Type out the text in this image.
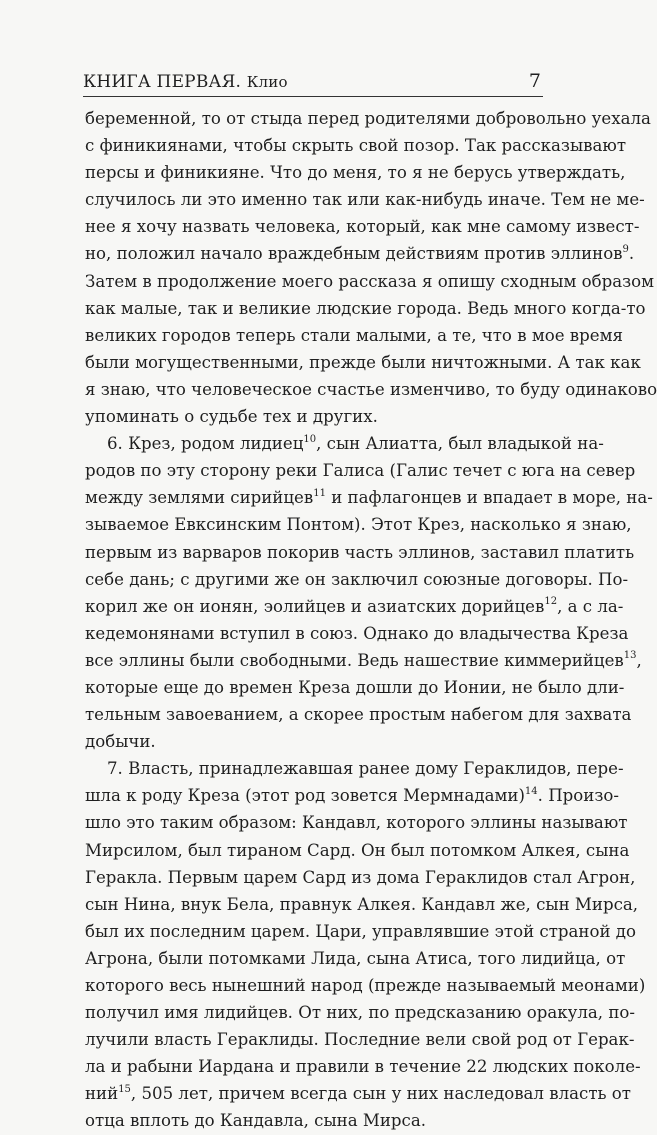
КНИГА ПЕРВАЯ. Клио	7
беременной, то от стыда перед родителями добровольно уехала
с финикиянами, чтобы скрыть свой позор. Так рассказывают
персы и финикияне. Что до меня, то я не берусь утверждать,
случилось ли это именно так или как-нибудь иначе. Тем не ме-
нее я хочу назвать человека, который, как мне самому извест-
но, положил начало враждебным действиям против эллинов$^9$.
Затем в продолжение моего рассказа я опишу сходным образом
как малые, так и великие людские города. Ведь много когда-то
великих городов теперь стали малыми, а те, что в мое время
были могущественными, прежде были ничтожными. А так как
я знаю, что человеческое счастье изменчиво, то буду одинаково
упоминать о судьбе тех и других.
6. Крез, родом лидиец$^{10}$, сын Алиатта, был владыкой на-
родов по эту сторону реки Галиса (Галис течет с юга на север
между землями сирийцев$^{11}$ и пафлагонцев и впадает в море, на-
зываемое Евксинским Понтом). Этот Крез, насколько я знаю,
первым из варваров покорив часть эллинов, заставил платить
себе дань; с другими же он заключил союзные договоры. По-
корил же он ионян, эолийцев и азиатских дорийцев$^{12}$, а с ла-
кедемонянами вступил в союз. Однако до владычества Креза
все эллины были свободными. Ведь нашествие киммерийцев$^{13}$,
которые еще до времен Креза дошли до Ионии, не было дли-
тельным завоеванием, а скорее простым набегом для захвата
добычи.
7. Власть, принадлежавшая ранее дому Гераклидов, пере-
шла к роду Креза (этот род зовется Мермнадами)$^{14}$. Произо-
шло это таким образом: Кандавл, которого эллины называют
Мирсилом, был тираном Сард. Он был потомком Алкея, сына
Геракла. Первым царем Сард из дома Гераклидов стал Агрон,
сын Нина, внук Бела, правнук Алкея. Кандавл же, сын Мирса,
был их последним царем. Цари, управлявшие этой страной до
Агрона, были потомками Лида, сына Атиса, того лидийца, от
которого весь нынешний народ (прежде называемый меонами)
получил имя лидийцев. От них, по предсказанию оракула, по-
лучили власть Гераклиды. Последние вели свой род от Герак-
ла и рабыни Иардана и правили в течение 22 людских поколе-
ний$^{15}$, 505 лет, причем всегда сын у них наследовал власть от
отца вплоть до Кандавла, сына Мирса.
